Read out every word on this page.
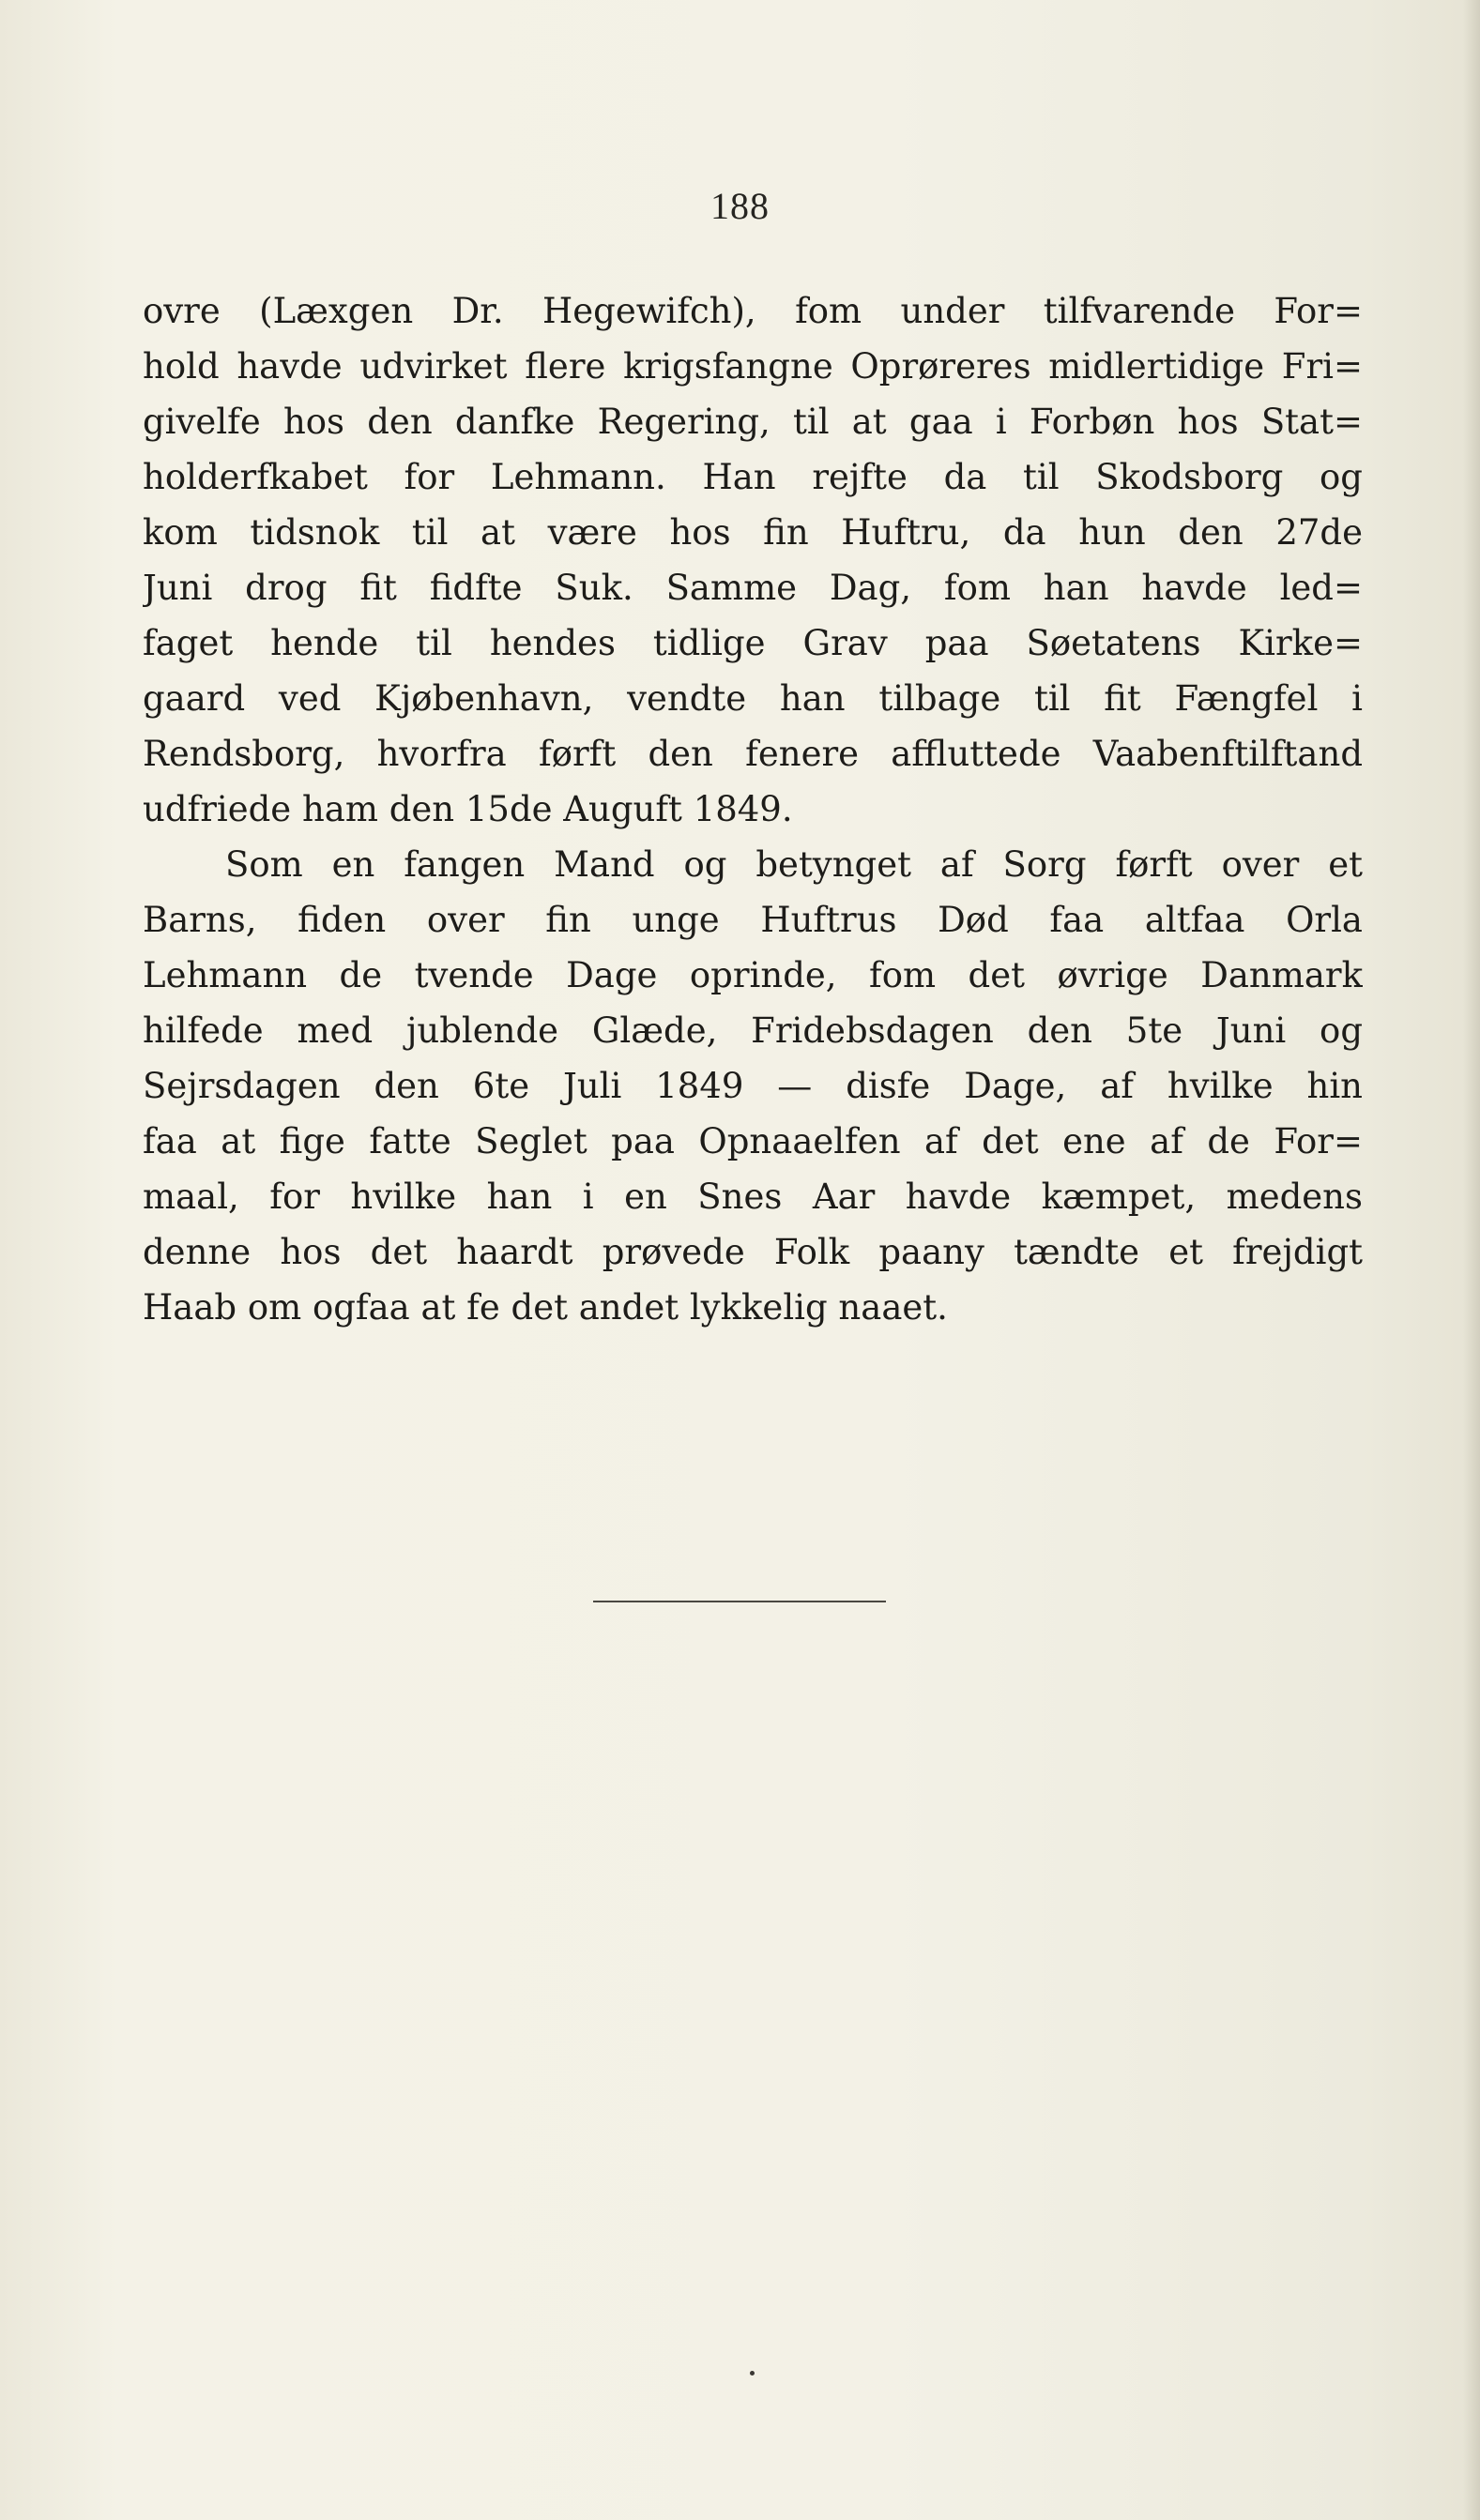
188
ovre (Læxgen Dr. Hegewifch), fom under tilfvarende For=
hold havde udvirket flere krigsfangne Oprøreres midlertidige Fri=
givelfe hos den danfke Regering, til at gaa i Forbøn hos Stat=
holderfkabet for Lehmann. Han rejfte da til Skodsborg og
kom tidsnok til at være hos fin Huftru, da hun den 27de
Juni drog fit fidfte Suk. Samme Dag, fom han havde led=
faget hende til hendes tidlige Grav paa Søetatens Kirke=
gaard ved Kjøbenhavn, vendte han tilbage til fit Fængfel i
Rendsborg, hvorfra førft den fenere affluttede Vaabenftilftand
udfriede ham den 15de Auguft 1849.
Som en fangen Mand og betynget af Sorg førft over et
Barns, fiden over fin unge Huftrus Død faa altfaa Orla
Lehmann de tvende Dage oprinde, fom det øvrige Danmark
hilfede med jublende Glæde, Fridebsdagen den 5te Juni og
Sejrsdagen den 6te Juli 1849 — disfe Dage, af hvilke hin
faa at fige fatte Seglet paa Opnaaelfen af det ene af de For=
maal, for hvilke han i en Snes Aar havde kæmpet, medens
denne hos det haardt prøvede Folk paany tændte et frejdigt
Haab om ogfaa at fe det andet lykkelig naaet.
